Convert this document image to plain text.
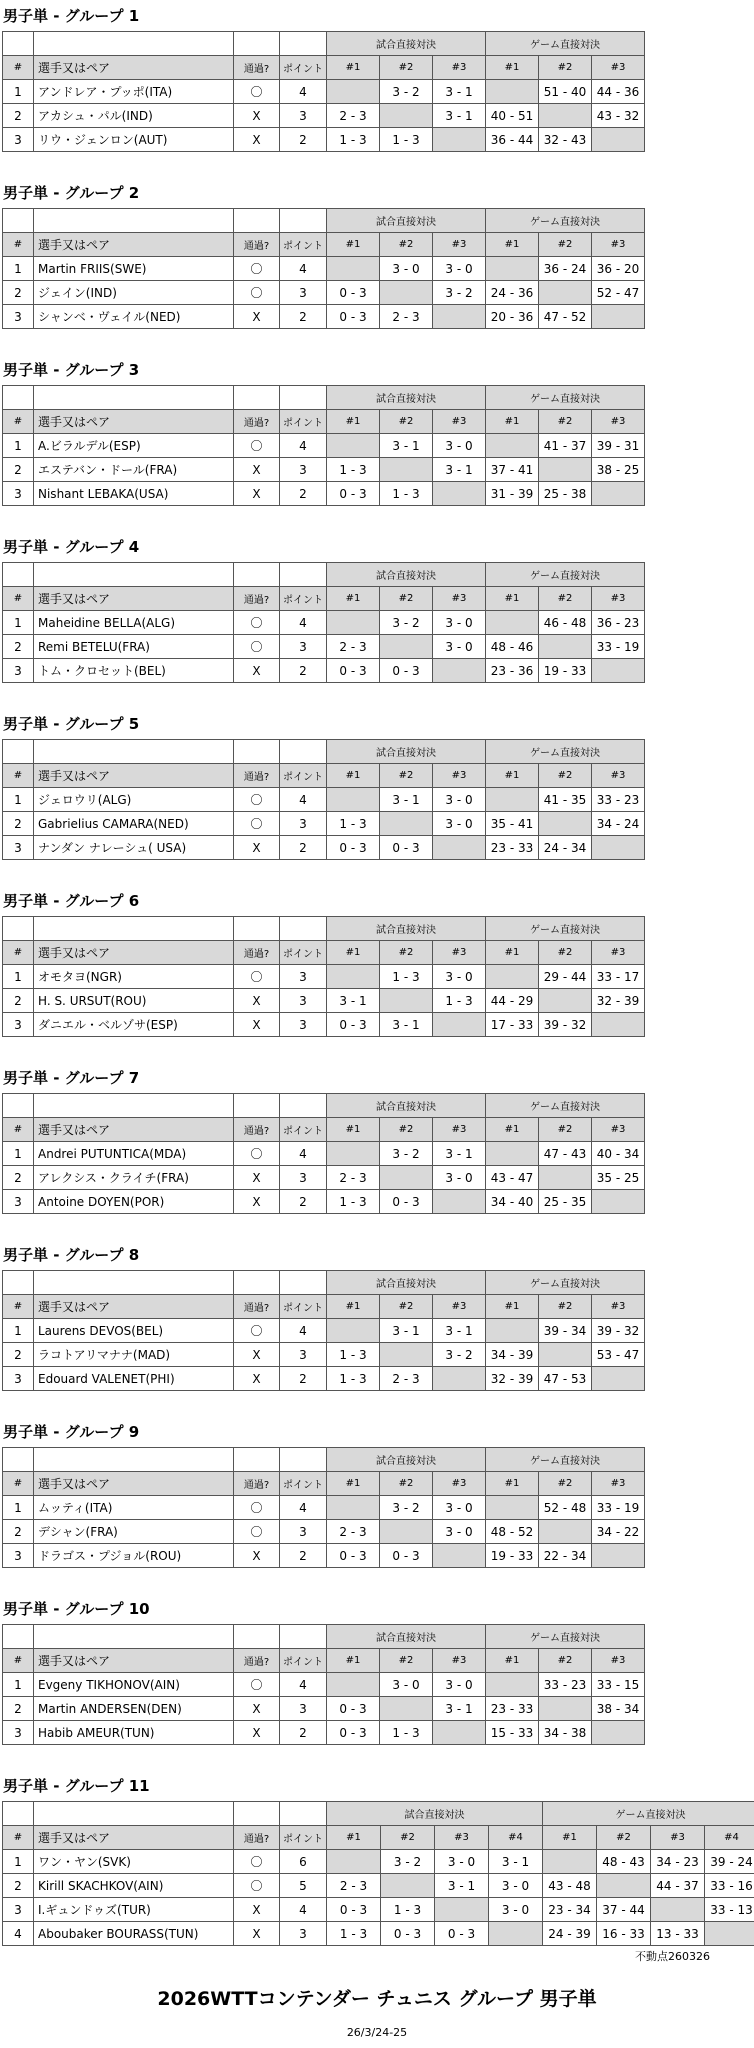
男子単 - グループ 1
				試合直接対決			ゲーム直接対決		
#	選手又はペア	通過?	ポイント	#1	#2	#3	#1	#2	#3
1	アンドレア・プッポ(ITA)	〇	4		3 - 2	3 - 1		51 - 40	44 - 36
2	アカシュ・パル(IND)	X	3	2 - 3		3 - 1	40 - 51		43 - 32
3	リウ・ジェンロン(AUT)	X	2	1 - 3	1 - 3		36 - 44	32 - 43	
男子単 - グループ 2
				試合直接対決			ゲーム直接対決		
#	選手又はペア	通過?	ポイント	#1	#2	#3	#1	#2	#3
1	Martin FRIIS(SWE)	〇	4		3 - 0	3 - 0		36 - 24	36 - 20
2	ジェイン(IND)	〇	3	0 - 3		3 - 2	24 - 36		52 - 47
3	シャンベ・ヴェイル(NED)	X	2	0 - 3	2 - 3		20 - 36	47 - 52	
男子単 - グループ 3
				試合直接対決			ゲーム直接対決		
#	選手又はペア	通過?	ポイント	#1	#2	#3	#1	#2	#3
1	A.ビラルデル(ESP)	〇	4		3 - 1	3 - 0		41 - 37	39 - 31
2	エステバン・ドール(FRA)	X	3	1 - 3		3 - 1	37 - 41		38 - 25
3	Nishant LEBAKA(USA)	X	2	0 - 3	1 - 3		31 - 39	25 - 38	
男子単 - グループ 4
				試合直接対決			ゲーム直接対決		
#	選手又はペア	通過?	ポイント	#1	#2	#3	#1	#2	#3
1	Maheidine BELLA(ALG)	〇	4		3 - 2	3 - 0		46 - 48	36 - 23
2	Remi BETELU(FRA)	〇	3	2 - 3		3 - 0	48 - 46		33 - 19
3	トム・クロセット(BEL)	X	2	0 - 3	0 - 3		23 - 36	19 - 33	
男子単 - グループ 5
				試合直接対決			ゲーム直接対決		
#	選手又はペア	通過?	ポイント	#1	#2	#3	#1	#2	#3
1	ジェロウリ(ALG)	〇	4		3 - 1	3 - 0		41 - 35	33 - 23
2	Gabrielius CAMARA(NED)	〇	3	1 - 3		3 - 0	35 - 41		34 - 24
3	ナンダン ナレーシュ( USA)	X	2	0 - 3	0 - 3		23 - 33	24 - 34	
男子単 - グループ 6
				試合直接対決			ゲーム直接対決		
#	選手又はペア	通過?	ポイント	#1	#2	#3	#1	#2	#3
1	オモタヨ(NGR)	〇	3		1 - 3	3 - 0		29 - 44	33 - 17
2	H. S. URSUT(ROU)	X	3	3 - 1		1 - 3	44 - 29		32 - 39
3	ダニエル・ベルゾサ(ESP)	X	3	0 - 3	3 - 1		17 - 33	39 - 32	
男子単 - グループ 7
				試合直接対決			ゲーム直接対決		
#	選手又はペア	通過?	ポイント	#1	#2	#3	#1	#2	#3
1	Andrei PUTUNTICA(MDA)	〇	4		3 - 2	3 - 1		47 - 43	40 - 34
2	アレクシス・クライチ(FRA)	X	3	2 - 3		3 - 0	43 - 47		35 - 25
3	Antoine DOYEN(POR)	X	2	1 - 3	0 - 3		34 - 40	25 - 35	
男子単 - グループ 8
				試合直接対決			ゲーム直接対決		
#	選手又はペア	通過?	ポイント	#1	#2	#3	#1	#2	#3
1	Laurens DEVOS(BEL)	〇	4		3 - 1	3 - 1		39 - 34	39 - 32
2	ラコトアリマナナ(MAD)	X	3	1 - 3		3 - 2	34 - 39		53 - 47
3	Edouard VALENET(PHI)	X	2	1 - 3	2 - 3		32 - 39	47 - 53	
男子単 - グループ 9
				試合直接対決			ゲーム直接対決		
#	選手又はペア	通過?	ポイント	#1	#2	#3	#1	#2	#3
1	ムッティ(ITA)	〇	4		3 - 2	3 - 0		52 - 48	33 - 19
2	デシャン(FRA)	〇	3	2 - 3		3 - 0	48 - 52		34 - 22
3	ドラゴス・プジョル(ROU)	X	2	0 - 3	0 - 3		19 - 33	22 - 34	
男子単 - グループ 10
				試合直接対決			ゲーム直接対決		
#	選手又はペア	通過?	ポイント	#1	#2	#3	#1	#2	#3
1	Evgeny TIKHONOV(AIN)	〇	4		3 - 0	3 - 0		33 - 23	33 - 15
2	Martin ANDERSEN(DEN)	X	3	0 - 3		3 - 1	23 - 33		38 - 34
3	Habib AMEUR(TUN)	X	2	0 - 3	1 - 3		15 - 33	34 - 38	
男子単 - グループ 11
				試合直接対決				ゲーム直接対決			
#	選手又はペア	通過?	ポイント	#1	#2	#3	#4	#1	#2	#3	#4
1	ワン・ヤン(SVK)	〇	6		3 - 2	3 - 0	3 - 1		48 - 43	34 - 23	39 - 24
2	Kirill SKACHKOV(AIN)	〇	5	2 - 3		3 - 1	3 - 0	43 - 48		44 - 37	33 - 16
3	I.ギュンドゥズ(TUR)	X	4	0 - 3	1 - 3		3 - 0	23 - 34	37 - 44		33 - 13
4	Aboubaker BOURASS(TUN)	X	3	1 - 3	0 - 3	0 - 3		24 - 39	16 - 33	13 - 33	
不動点260326
2026WTTコンテンダー チュニス グループ 男子単
26/3/24-25
